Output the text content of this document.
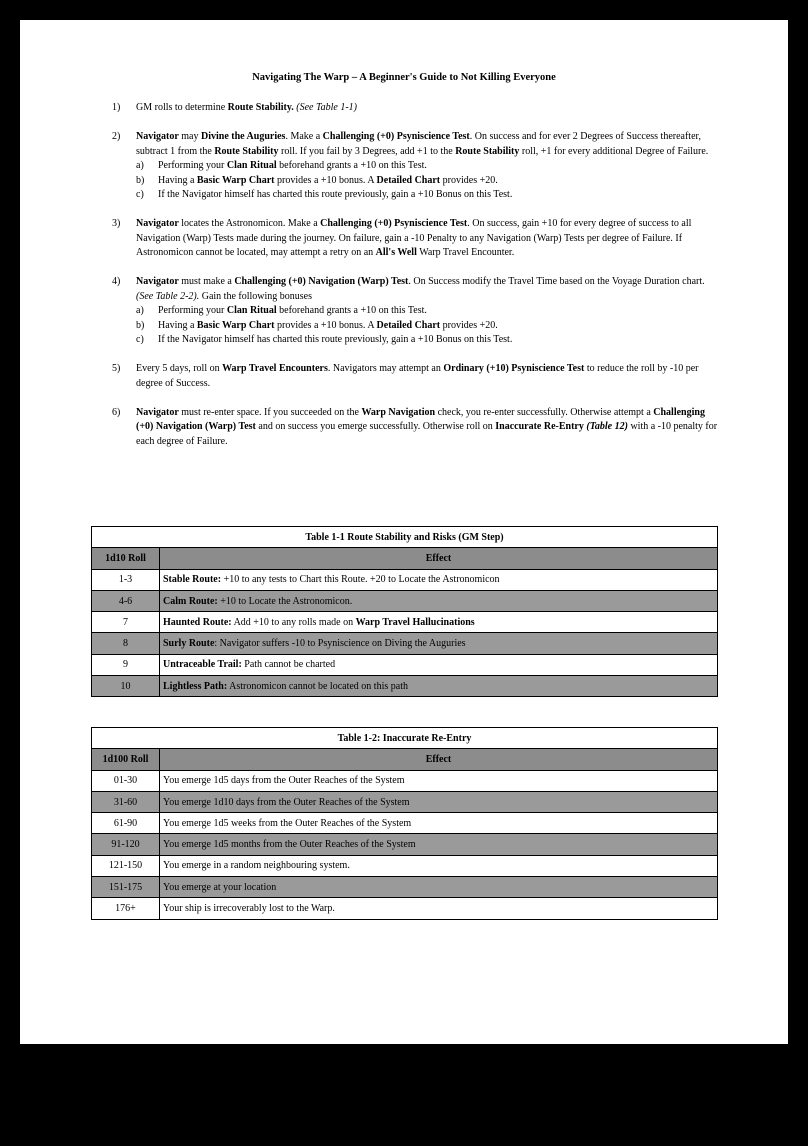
Navigating The Warp – A Beginner's Guide to Not Killing Everyone
1) GM rolls to determine Route Stability. (See Table 1-1)
2) Navigator may Divine the Auguries. Make a Challenging (+0) Psyniscience Test. On success and for ever 2 Degrees of Success thereafter, subtract 1 from the Route Stability roll. If you fail by 3 Degrees, add +1 to the Route Stability roll, +1 for every additional Degree of Failure.
a) Performing your Clan Ritual beforehand grants a +10 on this Test.
b) Having a Basic Warp Chart provides a +10 bonus. A Detailed Chart provides +20.
c) If the Navigator himself has charted this route previously, gain a +10 Bonus on this Test.
3) Navigator locates the Astronomicon. Make a Challenging (+0) Psyniscience Test. On success, gain +10 for every degree of success to all Navigation (Warp) Tests made during the journey. On failure, gain a -10 Penalty to any Navigation (Warp) Tests per degree of Failure. If Astronomicon cannot be located, may attempt a retry on an All's Well Warp Travel Encounter.
4) Navigator must make a Challenging (+0) Navigation (Warp) Test. On Success modify the Travel Time based on the Voyage Duration chart. (See Table 2-2). Gain the following bonuses
a) Performing your Clan Ritual beforehand grants a +10 on this Test.
b) Having a Basic Warp Chart provides a +10 bonus. A Detailed Chart provides +20.
c) If the Navigator himself has charted this route previously, gain a +10 Bonus on this Test.
5) Every 5 days, roll on Warp Travel Encounters. Navigators may attempt an Ordinary (+10) Psyniscience Test to reduce the roll by -10 per degree of Success.
6) Navigator must re-enter space. If you succeeded on the Warp Navigation check, you re-enter successfully. Otherwise attempt a Challenging (+0) Navigation (Warp) Test and on success you emerge successfully. Otherwise roll on Inaccurate Re-Entry (Table 12) with a -10 penalty for each degree of Failure.
Table 1-1 Route Stability and Risks (GM Step)	
1d10 Roll	Effect
1-3	Stable Route: +10 to any tests to Chart this Route. +20 to Locate the Astronomicon
4-6	Calm Route: +10 to Locate the Astronomicon.
7	Haunted Route: Add +10 to any rolls made on Warp Travel Hallucinations
8	Surly Route: Navigator suffers -10 to Psyniscience on Diving the Auguries
9	Untraceable Trail: Path cannot be charted
10	Lightless Path: Astronomicon cannot be located on this path
Table 1-2: Inaccurate Re-Entry	
1d100 Roll	Effect
01-30	You emerge 1d5 days from the Outer Reaches of the System
31-60	You emerge 1d10 days from the Outer Reaches of the System
61-90	You emerge 1d5 weeks from the Outer Reaches of the System
91-120	You emerge 1d5 months from the Outer Reaches of the System
121-150	You emerge in a random neighbouring system.
151-175	You emerge at your location
176+	Your ship is irrecoverably lost to the Warp.
